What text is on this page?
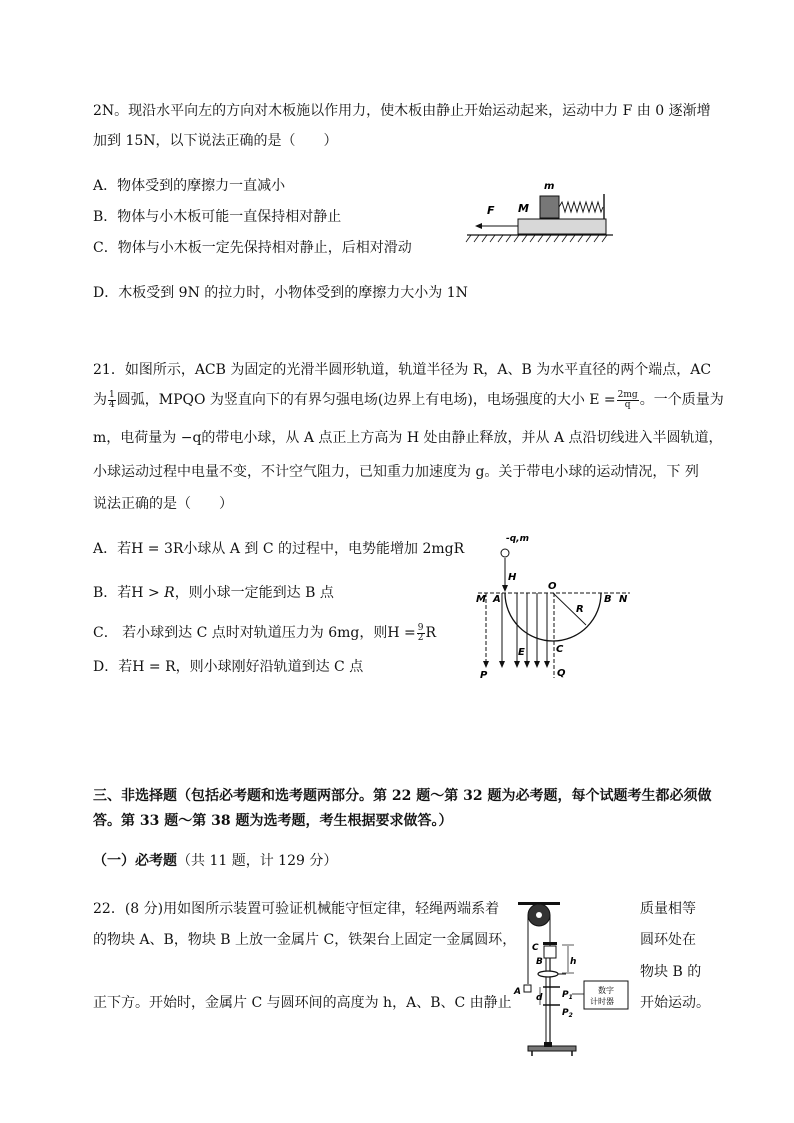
2N。现沿水平向左的方向对木板施以作用力，使木板由静止开始运动起来，运动中力 F 由 0 逐渐增
加到 15N，以下说法正确的是（　　）
A．物体受到的摩擦力一直减小
B．物体与小木板可能一直保持相对静止
C．物体与小木板一定先保持相对静止，后相对滑动
D．木板受到 9N 的拉力时，小物体受到的摩擦力大小为 1N
F M
m
21．如图所示，ACB 为固定的光滑半圆形轨道，轨道半径为 R，A、B 为水平直径的两个端点，AC
为 $\frac{1}{4}$ 圆弧，MPQO 为竖直向下的有界匀强电场(边界上有电场)，电场强度的大小 $E = \frac{2mg}{q}$ 。一个质量为
m，电荷量为 −q的带电小球，从 A 点正上方高为 H 处由静止释放，并从 A 点沿切线进入半圆轨道，
小球运动过程中电量不变，不计空气阻力，已知重力加速度为 g。关于带电小球的运动情况，下 列
说法正确的是（　　）
A．若H = 3R小球从 A 到 C 的过程中，电势能增加 2mgR
B．若H > R，则小球一定能到达 B 点
C． 若小球到达 C 点时对轨道压力为 6mg，则$H = \frac{9}{2}$ R
D．若H = R，则小球刚好沿轨道到达 C 点
-q,m
H
R
M A
O
B N
E	C
P	Q
三、非选择题（包括必考题和选考题两部分。第 22 题～第 32 题为必考题，每个试题考生都必须做
答。第 33 题～第 38 题为选考题，考生根据要求做答。）
（一）必考题（共 11 题，计 129 分）
22．(8 分)用如图所示装置可验证机械能守恒定律，轻绳两端系着	质量相等
的物块 A、B，物块 B 上放一金属片 C，铁架台上固定一金属圆环，	圆环处在
物块 B 的
正下方。开始时，金属片 C 与圆环间的高度为 h，A、B、C 由静止	开始运动。
C
B	h
A
d $P_1$
$P_2$
数字
计时器
